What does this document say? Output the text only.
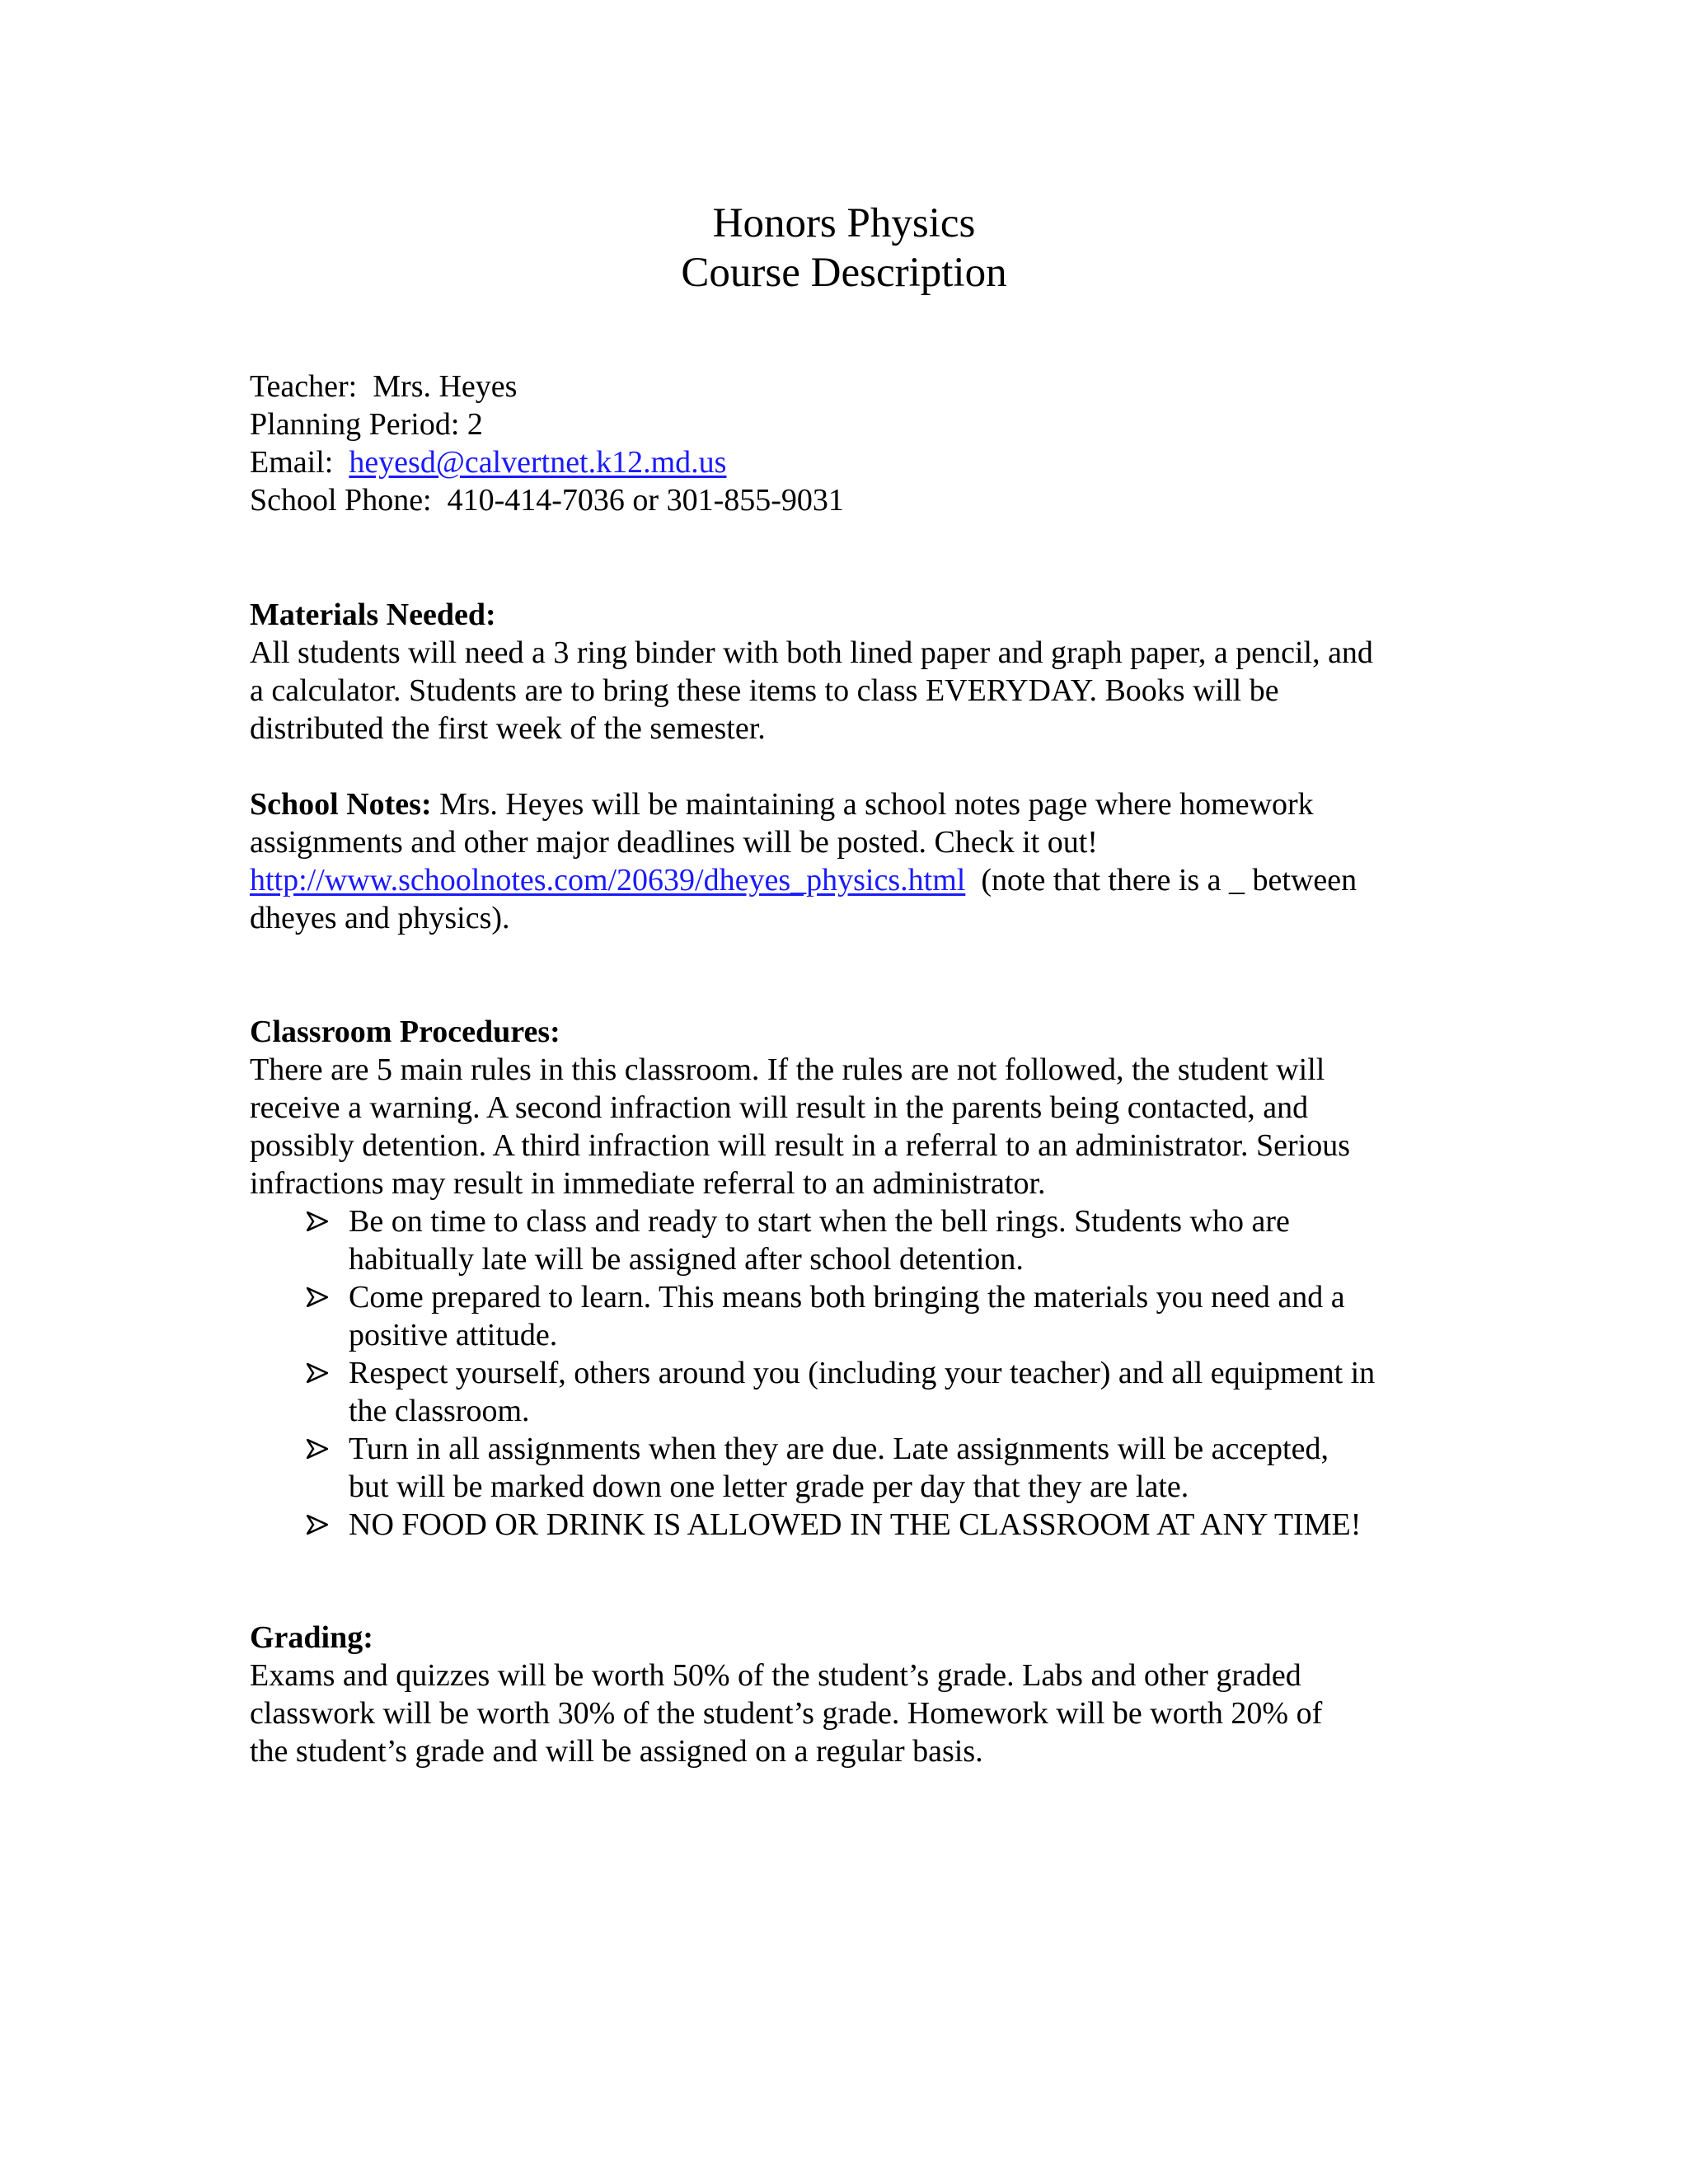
Honors Physics
Course Description
Teacher: Mrs. Heyes
Planning Period: 2
Email: heyesd@calvertnet.k12.md.us
School Phone: 410-414-7036 or 301-855-9031
Materials Needed:
All students will need a 3 ring binder with both lined paper and graph paper, a pencil, and
a calculator. Students are to bring these items to class EVERYDAY. Books will be
distributed the first week of the semester.
School Notes: Mrs. Heyes will be maintaining a school notes page where homework
assignments and other major deadlines will be posted. Check it out!
http://www.schoolnotes.com/20639/dheyes_physics.html (note that there is a _ between
dheyes and physics).
Classroom Procedures:
There are 5 main rules in this classroom. If the rules are not followed, the student will
receive a warning. A second infraction will result in the parents being contacted, and
possibly detention. A third infraction will result in a referral to an administrator. Serious
infractions may result in immediate referral to an administrator.
Be on time to class and ready to start when the bell rings. Students who are
habitually late will be assigned after school detention.
Come prepared to learn. This means both bringing the materials you need and a
positive attitude.
Respect yourself, others around you (including your teacher) and all equipment in
the classroom.
Turn in all assignments when they are due. Late assignments will be accepted,
but will be marked down one letter grade per day that they are late.
NO FOOD OR DRINK IS ALLOWED IN THE CLASSROOM AT ANY TIME!
Grading:
Exams and quizzes will be worth 50% of the student’s grade. Labs and other graded
classwork will be worth 30% of the student’s grade. Homework will be worth 20% of
the student’s grade and will be assigned on a regular basis.
